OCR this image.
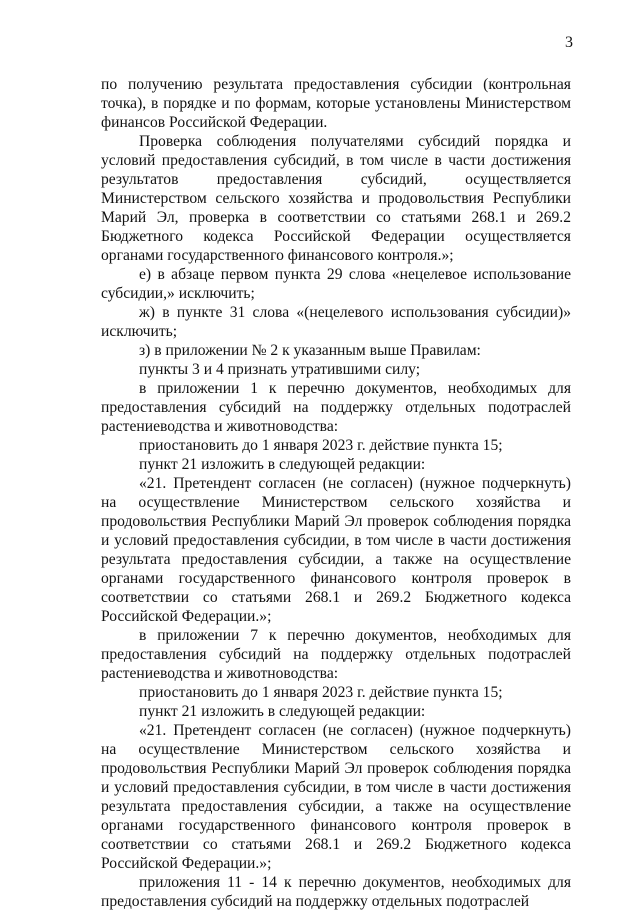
3

по получению результата предоставления субсидии (контрольная точка), в порядке и по формам, которые установлены Министерством финансов Российской Федерации.

Проверка соблюдения получателями субсидий порядка и условий предоставления субсидий, в том числе в части достижения результатов предоставления субсидий, осуществляется Министерством сельского хозяйства и продовольствия Республики Марий Эл, проверка в соответствии со статьями 268.1 и 269.2 Бюджетного кодекса Российской Федерации осуществляется органами государственного финансового контроля.»;

е) в абзаце первом пункта 29 слова «нецелевое использование субсидии,» исключить;

ж) в пункте 31 слова «(нецелевого использования субсидии)» исключить;

з) в приложении № 2 к указанным выше Правилам:

пункты 3 и 4 признать утратившими силу;

в приложении 1 к перечню документов, необходимых для предоставления субсидий на поддержку отдельных подотраслей растениеводства и животноводства:

приостановить до 1 января 2023 г. действие пункта 15;

пункт 21 изложить в следующей редакции:

«21. Претендент согласен (не согласен) (нужное подчеркнуть) на осуществление Министерством сельского хозяйства и продовольствия Республики Марий Эл проверок соблюдения порядка и условий предоставления субсидии, в том числе в части достижения результата предоставления субсидии, а также на осуществление органами государственного финансового контроля проверок в соответствии со статьями 268.1 и 269.2 Бюджетного кодекса Российской Федерации.»;

в приложении 7 к перечню документов, необходимых для предоставления субсидий на поддержку отдельных подотраслей растениеводства и животноводства:

приостановить до 1 января 2023 г. действие пункта 15;

пункт 21 изложить в следующей редакции:

«21. Претендент согласен (не согласен) (нужное подчеркнуть) на осуществление Министерством сельского хозяйства и продовольствия Республики Марий Эл проверок соблюдения порядка и условий предоставления субсидии, в том числе в части достижения результата предоставления субсидии, а также на осуществление органами государственного финансового контроля проверок в соответствии со статьями 268.1 и 269.2 Бюджетного кодекса Российской Федерации.»;

приложения 11 - 14 к перечню документов, необходимых для предоставления субсидий на поддержку отдельных подотраслей
